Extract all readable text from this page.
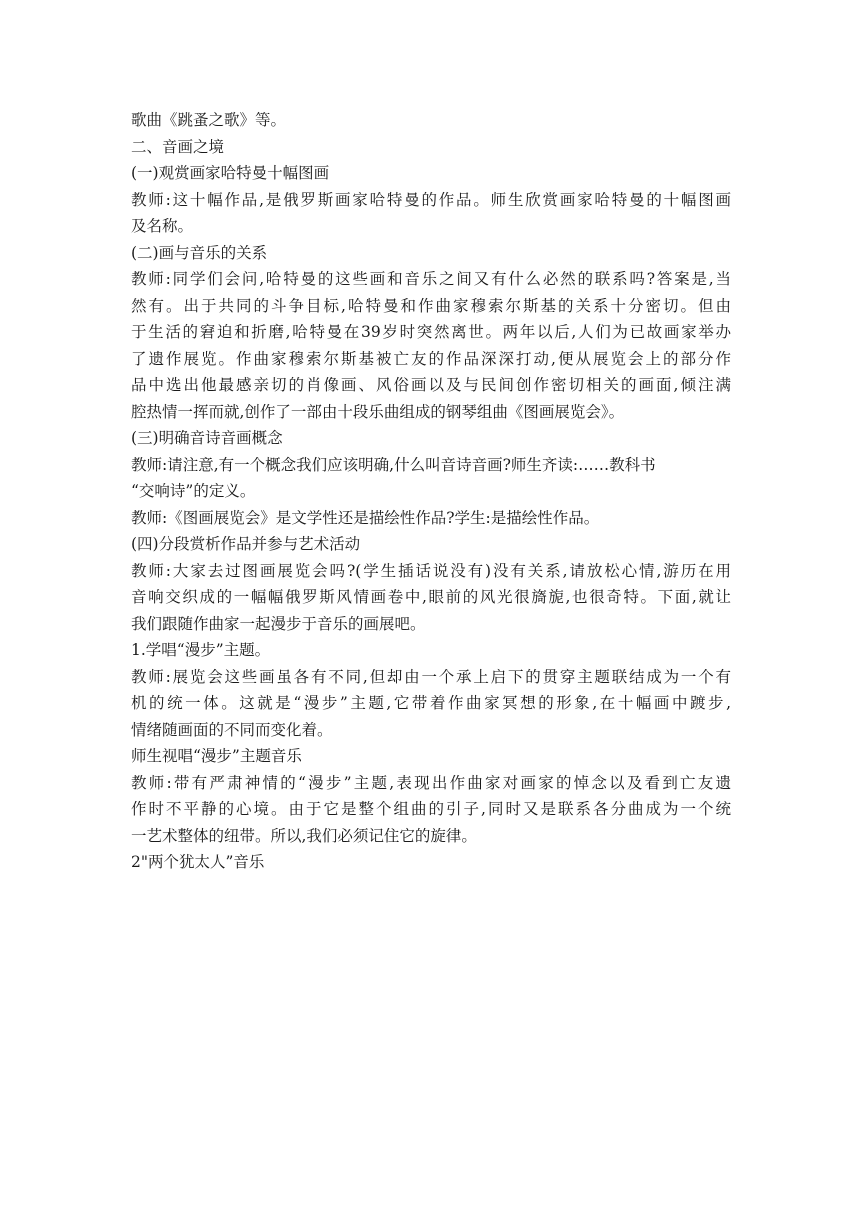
歌曲《跳蚤之歌》等。

二、音画之境

(一)观赏画家哈特曼十幅图画

教师:这十幅作品,是俄罗斯画家哈特曼的作品。师生欣赏画家哈特曼的十幅图画

及名称。

(二)画与音乐的关系

教师:同学们会问,哈特曼的这些画和音乐之间又有什么必然的联系吗?答案是,当

然有。出于共同的斗争目标,哈特曼和作曲家穆索尔斯基的关系十分密切。但由

于生活的窘迫和折磨,哈特曼在39岁时突然离世。两年以后,人们为已故画家举办

了遗作展览。作曲家穆索尔斯基被亡友的作品深深打动,便从展览会上的部分作

品中选出他最感亲切的肖像画、风俗画以及与民间创作密切相关的画面,倾注满

腔热情一挥而就,创作了一部由十段乐曲组成的钢琴组曲《图画展览会》。

(三)明确音诗音画概念

教师:请注意,有一个概念我们应该明确,什么叫音诗音画?师生齐读:……教科书

“交响诗”的定义。

教师:《图画展览会》是文学性还是描绘性作品?学生:是描绘性作品。

(四)分段赏析作品并参与艺术活动

教师:大家去过图画展览会吗?(学生插话说没有)没有关系,请放松心情,游历在用

音响交织成的一幅幅俄罗斯风情画卷中,眼前的风光很旖旎,也很奇特。下面,就让

我们跟随作曲家一起漫步于音乐的画展吧。

1.学唱“漫步”主题。

教师:展览会这些画虽各有不同,但却由一个承上启下的贯穿主题联结成为一个有

机的统一体。这就是“漫步”主题,它带着作曲家冥想的形象,在十幅画中踱步,

情绪随画面的不同而变化着。

师生视唱“漫步”主题音乐

教师:带有严肃神情的“漫步”主题,表现出作曲家对画家的悼念以及看到亡友遗

作时不平静的心境。由于它是整个组曲的引子,同时又是联系各分曲成为一个统

一艺术整体的纽带。所以,我们必须记住它的旋律。

2"两个犹太人”音乐
